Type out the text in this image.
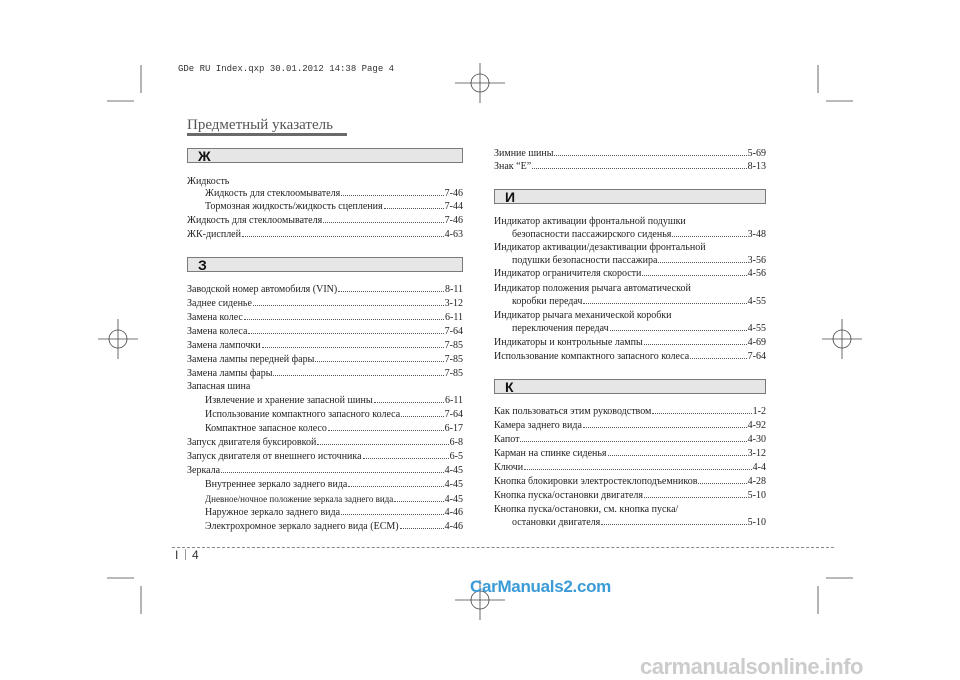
GDe RU Index.qxp 30.01.2012 14:38 Page 4
Предметный указатель
Ж
Жидкость
Жидкость для стеклоомывателя	7-46
Тормозная жидкость/жидкость сцепления	7-44
Жидкость для стеклоомывателя	7-46
ЖК-дисплей	4-63
З
Заводской номер автомобиля (VIN)	8-11
Заднее сиденье	3-12
Замена колес	6-11
Замена колеса	7-64
Замена лампочки	7-85
Замена лампы передней фары	7-85
Замена лампы фары	7-85
Запасная шина
Извлечение и хранение запасной шины	6-11
Использование компактного запасного колеса	7-64
Компактное запасное колесо	6-17
Запуск двигателя буксировкой	6-8
Запуск двигателя от внешнего источника	6-5
Зеркала	4-45
Внутреннее зеркало заднего вида	4-45
Дневное/ночное положение зеркала заднего вида	4-45
Наружное зеркало заднего вида	4-46
Электрохромное зеркало заднего вида (ECM)	4-46
Зимние шины	5-69
Знак “E”	8-13
И
Индикатор активации фронтальной подушки
безопасности пассажирского сиденья	3-48
Индикатор активации/дезактивации фронтальной
подушки безопасности пассажира	3-56
Индикатор ограничителя скорости	4-56
Индикатор положения рычага автоматической
коробки передач	4-55
Индикатор рычага механической коробки
переключения передач	4-55
Индикаторы и контрольные лампы	4-69
Использование компактного запасного колеса	7-64
К
Как пользоваться этим руководством	1-2
Камера заднего вида	4-92
Капот	4-30
Карман на спинке сиденья	3-12
Ключи	4-4
Кнопка блокировки электростеклоподъемников	4-28
Кнопка пуска/остановки двигателя	5-10
Кнопка пуска/остановки, см. кнопка пуска/
остановки двигателя	5-10
I 4
CarManuals2.com
carmanualsonline.info
